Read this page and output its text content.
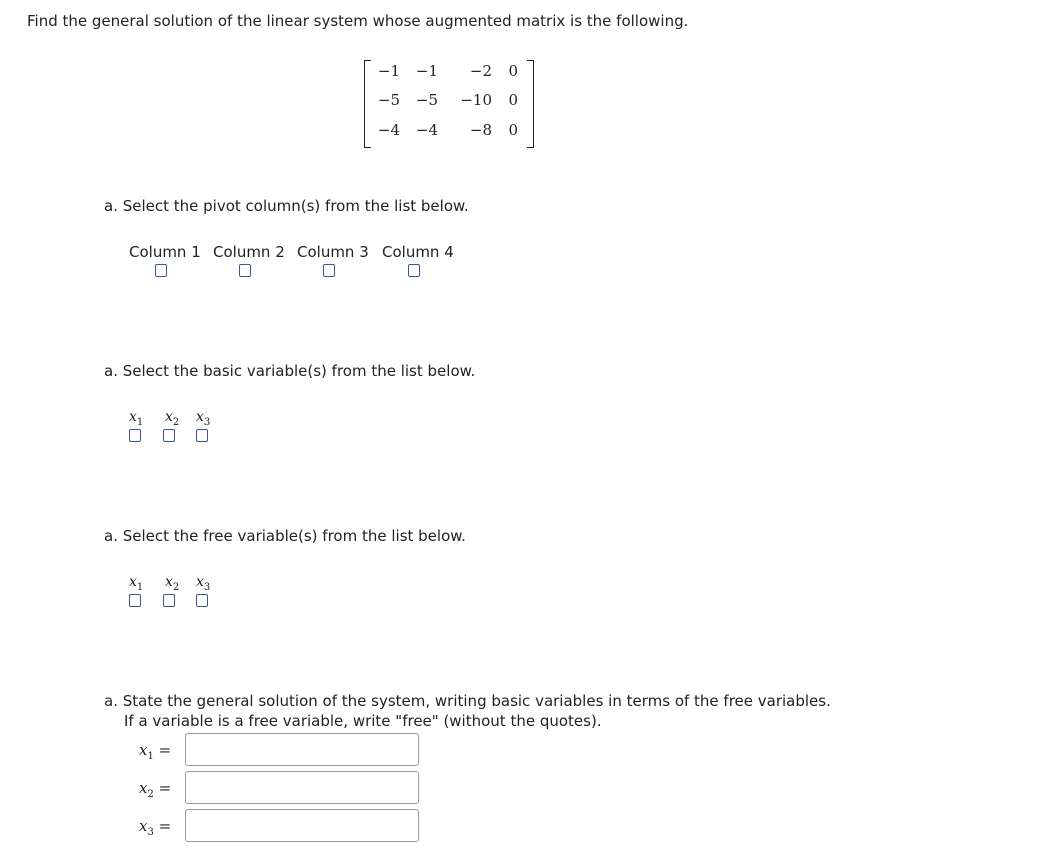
Find the general solution of the linear system whose augmented matrix is the following.
−1 −1	−2 0
−5 −5 −10 0
−4 −4	−8 0
a. Select the pivot column(s) from the list below.
Column 1 Column 2 Column 3 Column 4
a. Select the basic variable(s) from the list below.
$x_1$ $x_2$ $x_3$
a. Select the free variable(s) from the list below.
$x_1$ $x_2$ $x_3$
a. State the general solution of the system, writing basic variables in terms of the free variables.
If a variable is a free variable, write "free" (without the quotes).
$x_1$ =
$x_2$ =
$x_3$ =
